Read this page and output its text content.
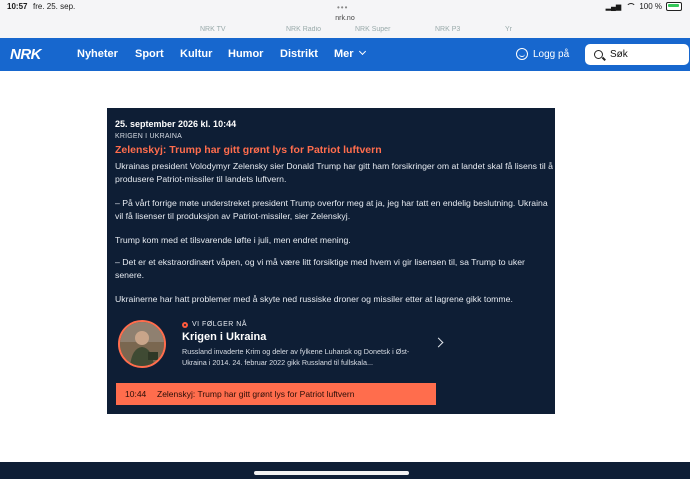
10:57 fre. 25. sep.	•••	▂▄▆ 100 %
nrk.no
NRK TV	NRK Radio	NRK Super	NRK P3	Yr
NRK	Nyheter Sport Kultur Humor Distrikt Mer	Logg på	Søk
25. september 2026 kl. 10:44
KRIGEN I UKRAINA
Zelenskyj: Trump har gitt grønt lys for Patriot luftvern
Ukrainas president Volodymyr Zelensky sier Donald Trump har gitt ham forsikringer om at landet skal få lisens til å produsere Patriot-missiler til landets luftvern.
– På vårt forrige møte understreket president Trump overfor meg at ja, jeg har tatt en endelig beslutning. Ukraina vil få lisenser til produksjon av Patriot-missiler, sier Zelenskyj.
Trump kom med et tilsvarende løfte i juli, men endret mening.
– Det er et ekstraordinært våpen, og vi må være litt forsiktige med hvem vi gir lisensen til, sa Trump to uker senere.
Ukrainerne har hatt problemer med å skyte ned russiske droner og missiler etter at lagrene gikk tomme.
VI FØLGER NÅ
Krigen i Ukraina
Russland invaderte Krim og deler av fylkene Luhansk og Donetsk i Øst-Ukraina i 2014. 24. februar 2022 gikk Russland til fullskala...
10:44	Zelenskyj: Trump har gitt grønt lys for Patriot luftvern
